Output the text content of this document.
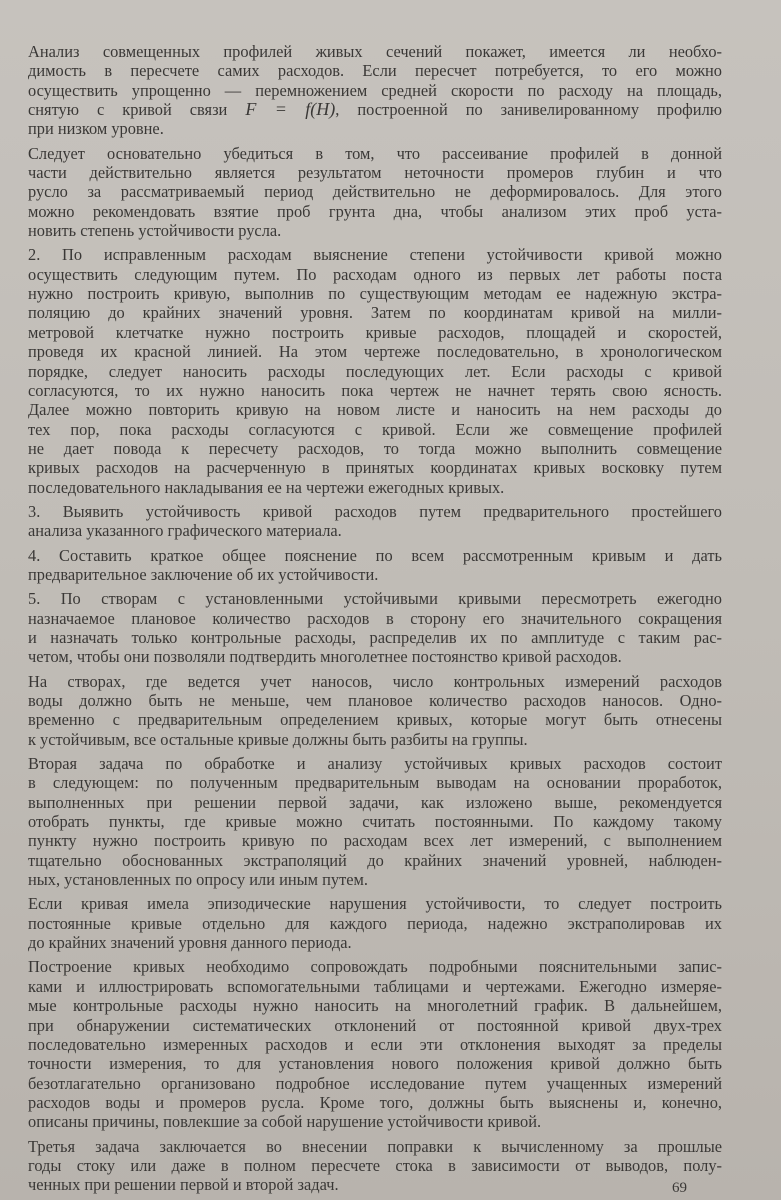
Анализ совмещенных профилей живых сечений покажет, имеется ли необхо-
димость в пересчете самих расходов. Если пересчет потребуется, то его можно
осуществить упрощенно — перемножением средней скорости по расходу на площадь,
снятую с кривой связи F = f(H), построенной по занивелированному профилю
при низком уровне.
Следует основательно убедиться в том, что рассеивание профилей в донной
части действительно является результатом неточности промеров глубин и что
русло за рассматриваемый период действительно не деформировалось. Для этого
можно рекомендовать взятие проб грунта дна, чтобы анализом этих проб уста-
новить степень устойчивости русла.
2. По исправленным расходам выяснение степени устойчивости кривой можно
осуществить следующим путем. По расходам одного из первых лет работы поста
нужно построить кривую, выполнив по существующим методам ее надежную экстра-
поляцию до крайних значений уровня. Затем по координатам кривой на милли-
метровой клетчатке нужно построить кривые расходов, площадей и скоростей,
проведя их красной линией. На этом чертеже последовательно, в хронологическом
порядке, следует наносить расходы последующих лет. Если расходы с кривой
согласуются, то их нужно наносить пока чертеж не начнет терять свою ясность.
Далее можно повторить кривую на новом листе и наносить на нем расходы до
тех пор, пока расходы согласуются с кривой. Если же совмещение профилей
не дает повода к пересчету расходов, то тогда можно выполнить совмещение
кривых расходов на расчерченную в принятых координатах кривых восковку путем
последовательного накладывания ее на чертежи ежегодных кривых.
3. Выявить устойчивость кривой расходов путем предварительного простейшего
анализа указанного графического материала.
4. Составить краткое общее пояснение по всем рассмотренным кривым и дать
предварительное заключение об их устойчивости.
5. По створам с установленными устойчивыми кривыми пересмотреть ежегодно
назначаемое плановое количество расходов в сторону его значительного сокращения
и назначать только контрольные расходы, распределив их по амплитуде с таким рас-
четом, чтобы они позволяли подтвердить многолетнее постоянство кривой расходов.
На створах, где ведется учет наносов, число контрольных измерений расходов
воды должно быть не меньше, чем плановое количество расходов наносов. Одно-
временно с предварительным определением кривых, которые могут быть отнесены
к устойчивым, все остальные кривые должны быть разбиты на группы.
Вторая задача по обработке и анализу устойчивых кривых расходов состоит
в следующем: по полученным предварительным выводам на основании проработок,
выполненных при решении первой задачи, как изложено выше, рекомендуется
отобрать пункты, где кривые можно считать постоянными. По каждому такому
пункту нужно построить кривую по расходам всех лет измерений, с выполнением
тщательно обоснованных экстраполяций до крайних значений уровней, наблюден-
ных, установленных по опросу или иным путем.
Если кривая имела эпизодические нарушения устойчивости, то следует построить
постоянные кривые отдельно для каждого периода, надежно экстраполировав их
до крайних значений уровня данного периода.
Построение кривых необходимо сопровождать подробными пояснительными запис-
ками и иллюстрировать вспомогательными таблицами и чертежами. Ежегодно измеряе-
мые контрольные расходы нужно наносить на многолетний график. В дальнейшем,
при обнаружении систематических отклонений от постоянной кривой двух-трех
последовательно измеренных расходов и если эти отклонения выходят за пределы
точности измерения, то для установления нового положения кривой должно быть
безотлагательно организовано подробное исследование путем учащенных измерений
расходов воды и промеров русла. Кроме того, должны быть выяснены и, конечно,
описаны причины, повлекшие за собой нарушение устойчивости кривой.
Третья задача заключается во внесении поправки к вычисленному за прошлые
годы стоку или даже в полном пересчете стока в зависимости от выводов, полу-
ченных при решении первой и второй задач.	69
